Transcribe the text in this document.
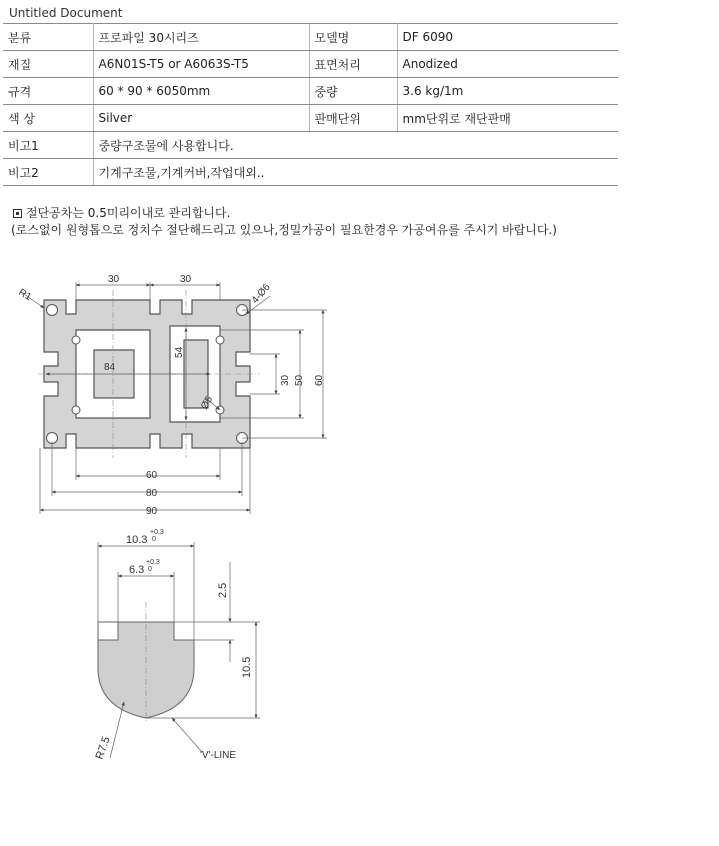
Untitled Document
분류	프로파일 30시리즈	모델명	DF 6090
재질	A6N01S-T5 or A6063S-T5	표면처리	Anodized
규격	60 * 90 * 6050mm	중량	3.6 kg/1m
색 상	Silver	판매단위	mm단위로 재단판매
비고1	중량구조물에 사용합니다.		
비고2	기계구조물,기계커버,작업대외..		
절단공차는 0.5미리이내로 관리합니다.
(로스없이 원형톱으로 정치수 절단해드리고 있으나,정밀가공이 필요한경우 가공여유를 주시기 바랍니다.)
30	30
R1	4-Ø6
84
54
Ø5
30 50 60
60
80
90
10.3
+0.3
0
6.3
+0.3
0
2.5
10.5
R7.5	'V'-LINE
